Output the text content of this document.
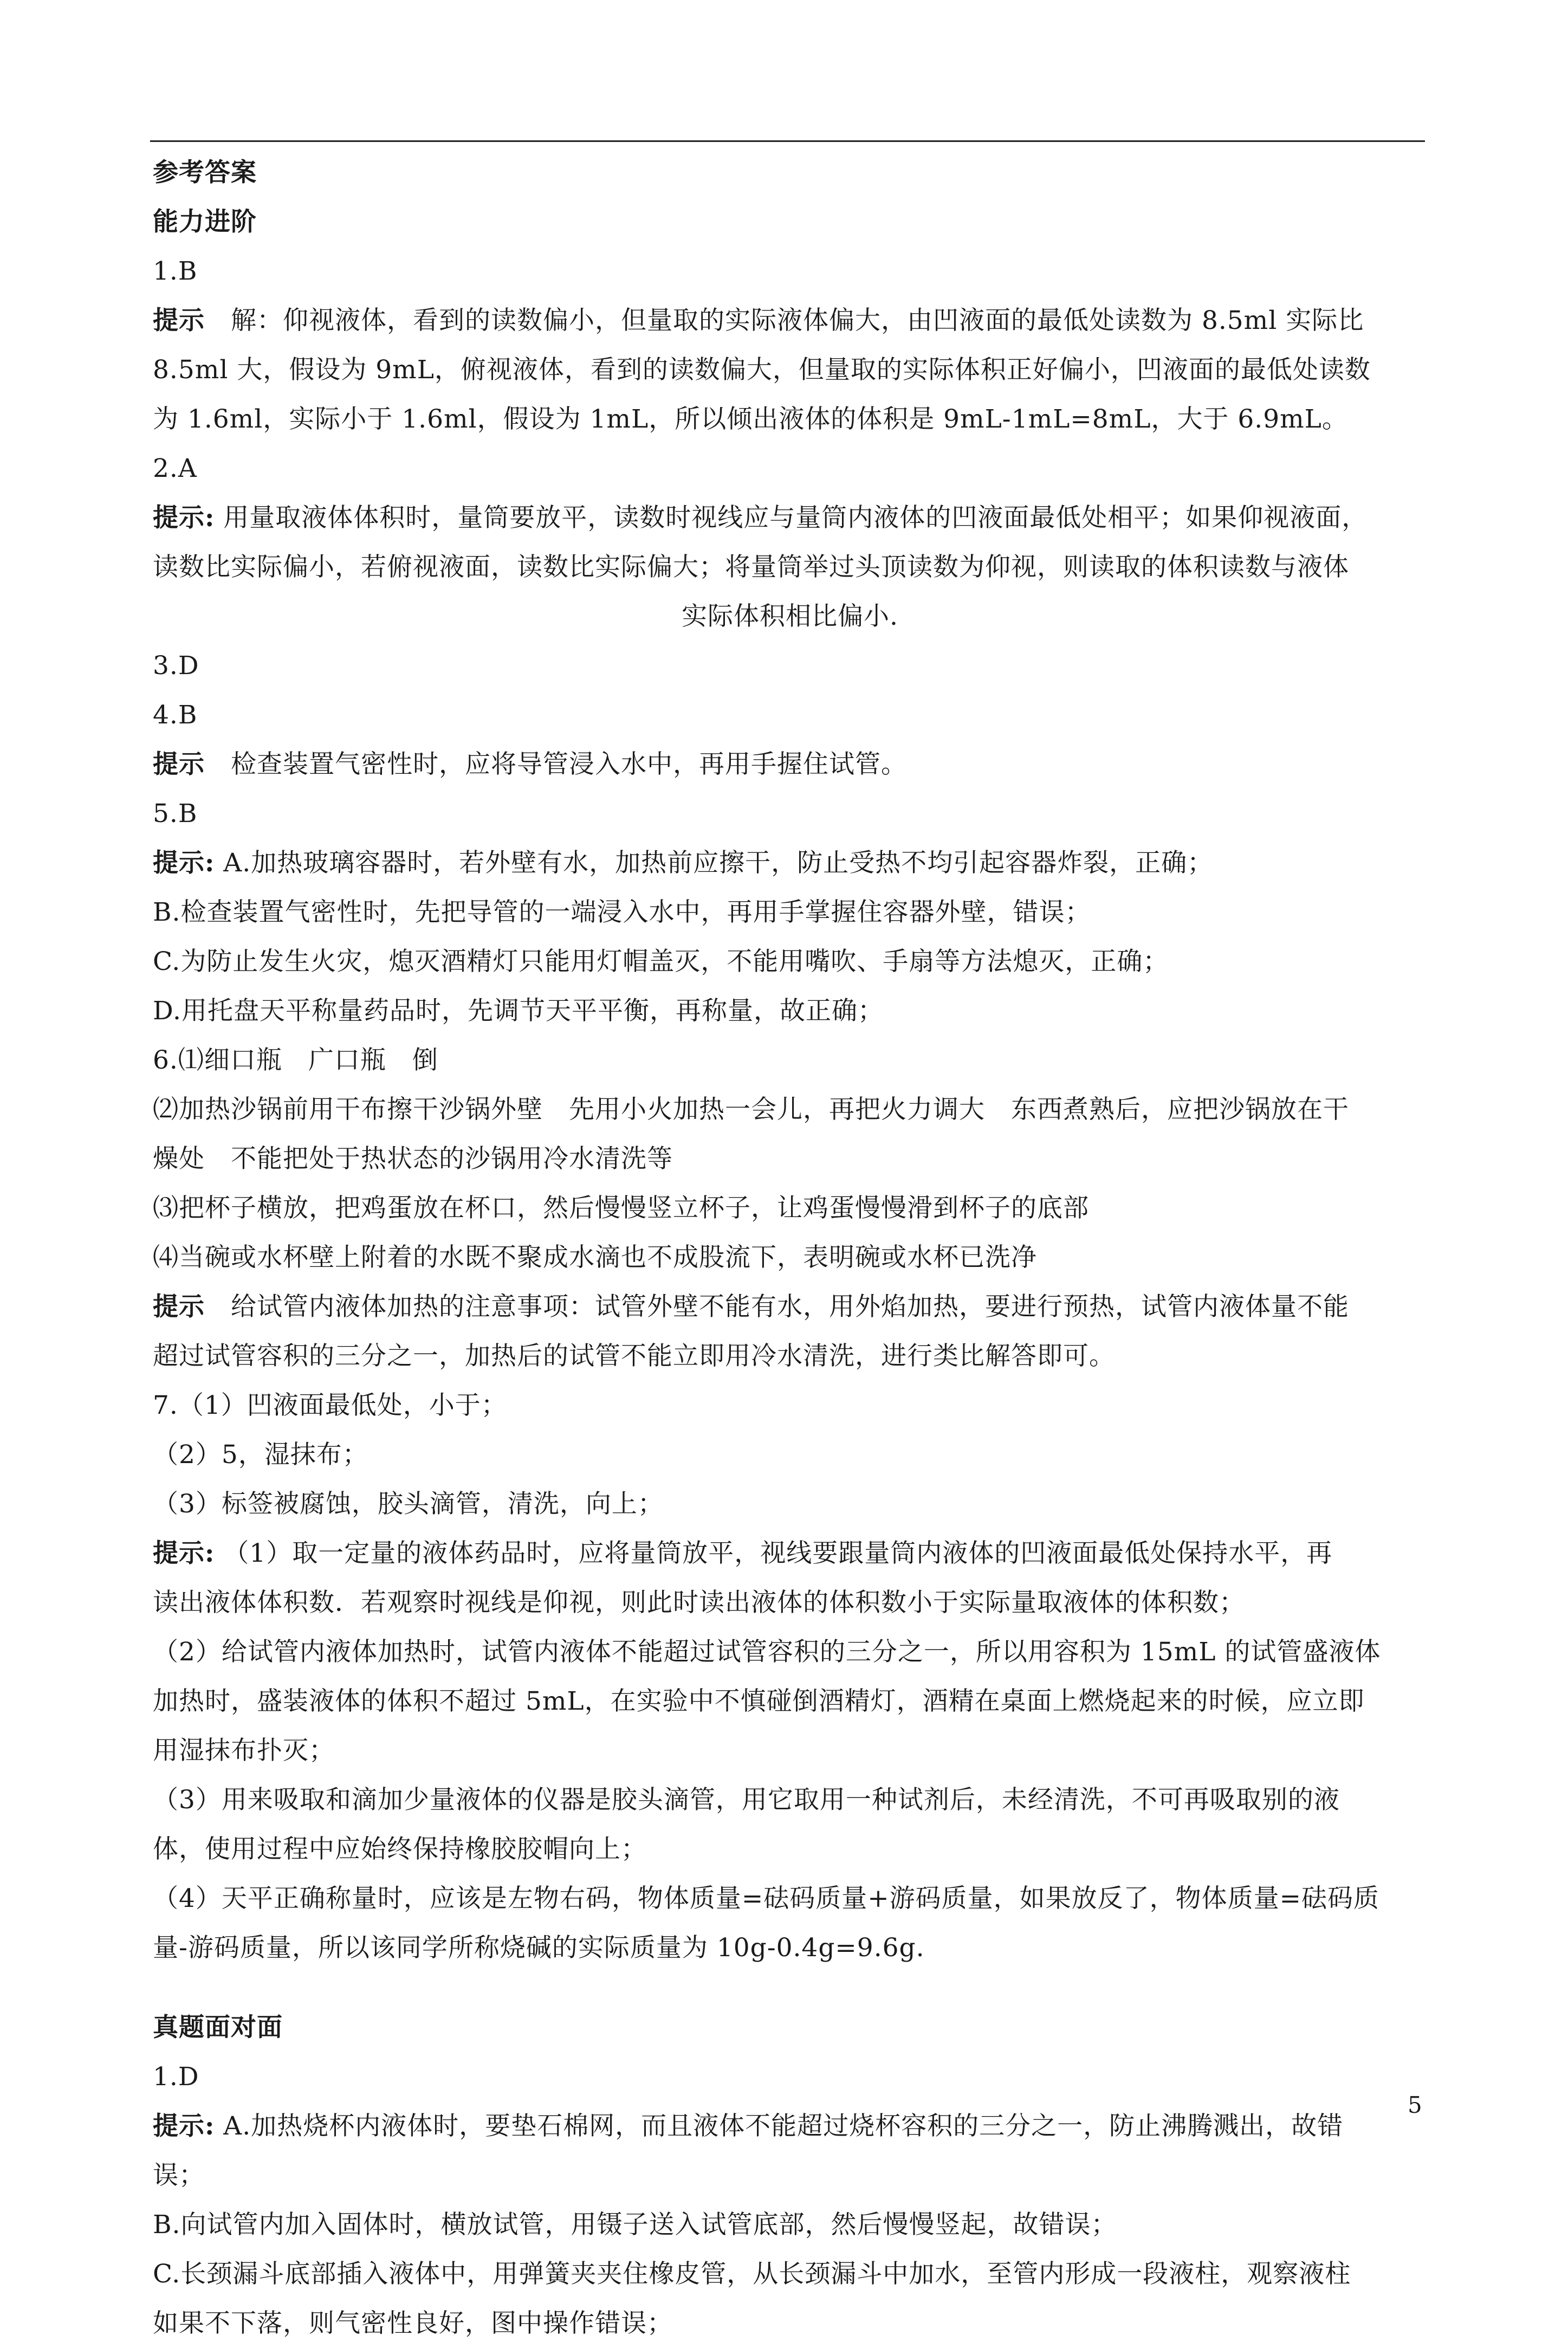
参考答案
能力进阶
1.B
提示　解：仰视液体，看到的读数偏小，但量取的实际液体偏大，由凹液面的最低处读数为 8.5ml 实际比
8.5ml 大，假设为 9mL，俯视液体，看到的读数偏大，但量取的实际体积正好偏小，凹液面的最低处读数
为 1.6ml，实际小于 1.6ml，假设为 1mL，所以倾出液体的体积是 9mL-1mL=8mL，大于 6.9mL。
2.A
提示: 用量取液体体积时，量筒要放平，读数时视线应与量筒内液体的凹液面最低处相平；如果仰视液面，
读数比实际偏小，若俯视液面，读数比实际偏大；将量筒举过头顶读数为仰视，则读取的体积读数与液体
实际体积相比偏小.
3.D
4.B
提示　检查装置气密性时，应将导管浸入水中，再用手握住试管。
5.B
提示: A.加热玻璃容器时，若外壁有水，加热前应擦干，防止受热不均引起容器炸裂，正确；
B.检查装置气密性时，先把导管的一端浸入水中，再用手掌握住容器外壁，错误；
C.为防止发生火灾，熄灭酒精灯只能用灯帽盖灭，不能用嘴吹、手扇等方法熄灭，正确；
D.用托盘天平称量药品时，先调节天平平衡，再称量，故正确；
6.⑴细口瓶　广口瓶　倒
⑵加热沙锅前用干布擦干沙锅外壁　先用小火加热一会儿，再把火力调大　东西煮熟后，应把沙锅放在干
燥处　不能把处于热状态的沙锅用冷水清洗等
⑶把杯子横放，把鸡蛋放在杯口，然后慢慢竖立杯子，让鸡蛋慢慢滑到杯子的底部
⑷当碗或水杯壁上附着的水既不聚成水滴也不成股流下，表明碗或水杯已洗净
提示　给试管内液体加热的注意事项：试管外壁不能有水，用外焰加热，要进行预热，试管内液体量不能
超过试管容积的三分之一，加热后的试管不能立即用冷水清洗，进行类比解答即可。
7.（1）凹液面最低处，小于；
（2）5，湿抹布；
（3）标签被腐蚀，胶头滴管，清洗，向上；
提示: （1）取一定量的液体药品时，应将量筒放平，视线要跟量筒内液体的凹液面最低处保持水平，再
读出液体体积数．若观察时视线是仰视，则此时读出液体的体积数小于实际量取液体的体积数；
（2）给试管内液体加热时，试管内液体不能超过试管容积的三分之一，所以用容积为 15mL 的试管盛液体
加热时，盛装液体的体积不超过 5mL，在实验中不慎碰倒酒精灯，酒精在桌面上燃烧起来的时候，应立即
用湿抹布扑灭；
（3）用来吸取和滴加少量液体的仪器是胶头滴管，用它取用一种试剂后，未经清洗，不可再吸取别的液
体，使用过程中应始终保持橡胶胶帽向上；
（4）天平正确称量时，应该是左物右码，物体质量=砝码质量+游码质量，如果放反了，物体质量=砝码质
量-游码质量，所以该同学所称烧碱的实际质量为 10g-0.4g=9.6g.
真题面对面
1.D
提示: A.加热烧杯内液体时，要垫石棉网，而且液体不能超过烧杯容积的三分之一，防止沸腾溅出，故错
误；
B.向试管内加入固体时，横放试管，用镊子送入试管底部，然后慢慢竖起，故错误；
C.长颈漏斗底部插入液体中，用弹簧夹夹住橡皮管，从长颈漏斗中加水，至管内形成一段液柱，观察液柱
如果不下落，则气密性良好，图中操作错误；
5
